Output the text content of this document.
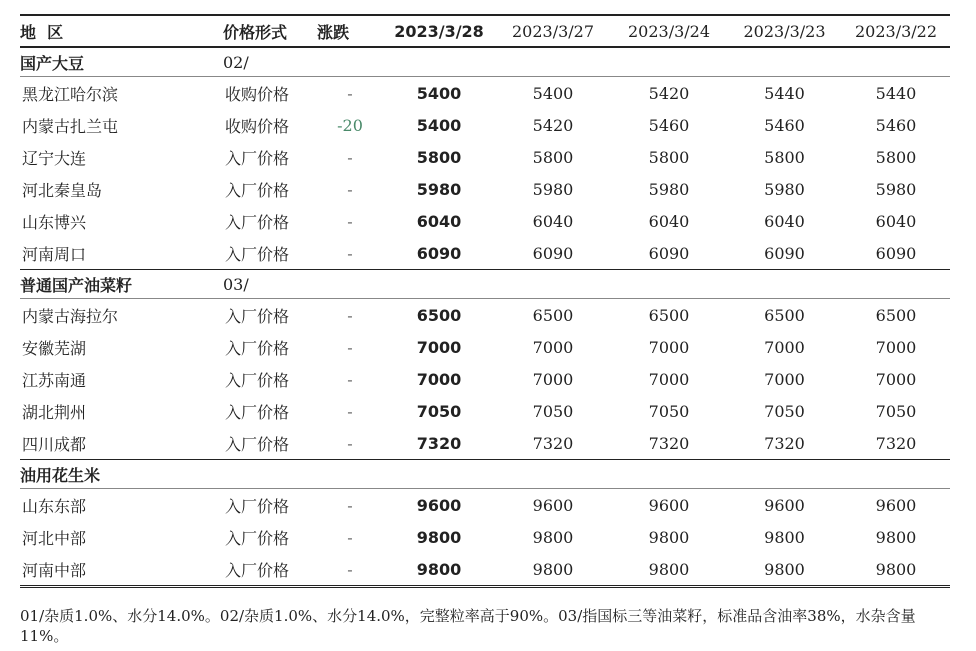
地  区	价格形式	涨跌	2023/3/28	2023/3/27	2023/3/24	2023/3/23	2023/3/22
国产大豆	02/						
黑龙江哈尔滨	收购价格	-	5400	5400	5420	5440	5440
内蒙古扎兰屯	收购价格	-20	5400	5420	5460	5460	5460
辽宁大连	入厂价格	-	5800	5800	5800	5800	5800
河北秦皇岛	入厂价格	-	5980	5980	5980	5980	5980
山东博兴	入厂价格	-	6040	6040	6040	6040	6040
河南周口	入厂价格	-	6090	6090	6090	6090	6090
普通国产油菜籽	03/						
内蒙古海拉尔	入厂价格	-	6500	6500	6500	6500	6500
安徽芜湖	入厂价格	-	7000	7000	7000	7000	7000
江苏南通	入厂价格	-	7000	7000	7000	7000	7000
湖北荆州	入厂价格	-	7050	7050	7050	7050	7050
四川成都	入厂价格	-	7320	7320	7320	7320	7320
油用花生米							
山东东部	入厂价格	-	9600	9600	9600	9600	9600
河北中部	入厂价格	-	9800	9800	9800	9800	9800
河南中部	入厂价格	-	9800	9800	9800	9800	9800
01/杂质1.0%、水分14.0%。02/杂质1.0%、水分14.0%，完整粒率高于90%。03/指国标三等油菜籽，标准品含油率38%，水杂含量11%。
